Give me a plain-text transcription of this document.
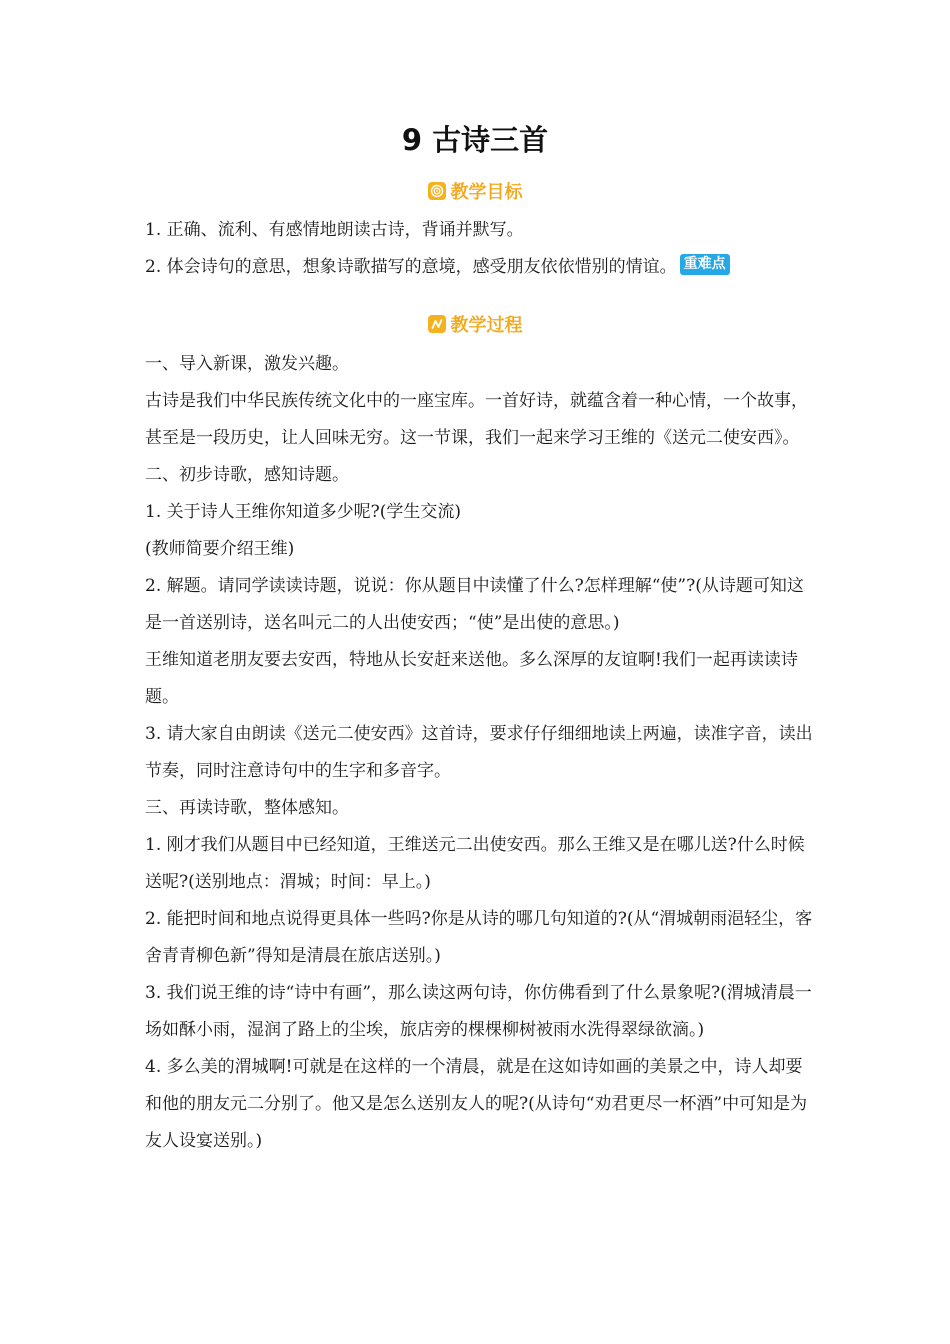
9 古诗三首
教学目标

1. 正确、流利、有感情地朗读古诗，背诵并默写。

2. 体会诗句的意思，想象诗歌描写的意境，感受朋友依依惜别的情谊。 重难点

教学过程

一、导入新课，激发兴趣。

古诗是我们中华民族传统文化中的一座宝库。一首好诗，就蕴含着一种心情，一个故事，甚至是一段历史，让人回味无穷。这一节课，我们一起来学习王维的《送元二使安西》。

二、初步诗歌，感知诗题。

1. 关于诗人王维你知道多少呢?(学生交流)

(教师简要介绍王维)

2. 解题。请同学读读诗题，说说：你从题目中读懂了什么?怎样理解“使”?(从诗题可知这是一首送别诗，送名叫元二的人出使安西；“使”是出使的意思。)

王维知道老朋友要去安西，特地从长安赶来送他。多么深厚的友谊啊!我们一起再读读诗题。

3. 请大家自由朗读《送元二使安西》这首诗，要求仔仔细细地读上两遍，读准字音，读出节奏，同时注意诗句中的生字和多音字。

三、再读诗歌，整体感知。

1. 刚才我们从题目中已经知道，王维送元二出使安西。那么王维又是在哪儿送?什么时候送呢?(送别地点：渭城；时间：早上。)

2. 能把时间和地点说得更具体一些吗?你是从诗的哪几句知道的?(从“渭城朝雨浥轻尘，客舍青青柳色新”得知是清晨在旅店送别。)

3. 我们说王维的诗“诗中有画”，那么读这两句诗，你仿佛看到了什么景象呢?(渭城清晨一场如酥小雨，湿润了路上的尘埃，旅店旁的棵棵柳树被雨水洗得翠绿欲滴。)

4. 多么美的渭城啊!可就是在这样的一个清晨，就是在这如诗如画的美景之中，诗人却要和他的朋友元二分别了。他又是怎么送别友人的呢?(从诗句“劝君更尽一杯酒”中可知是为友人设宴送别。)
